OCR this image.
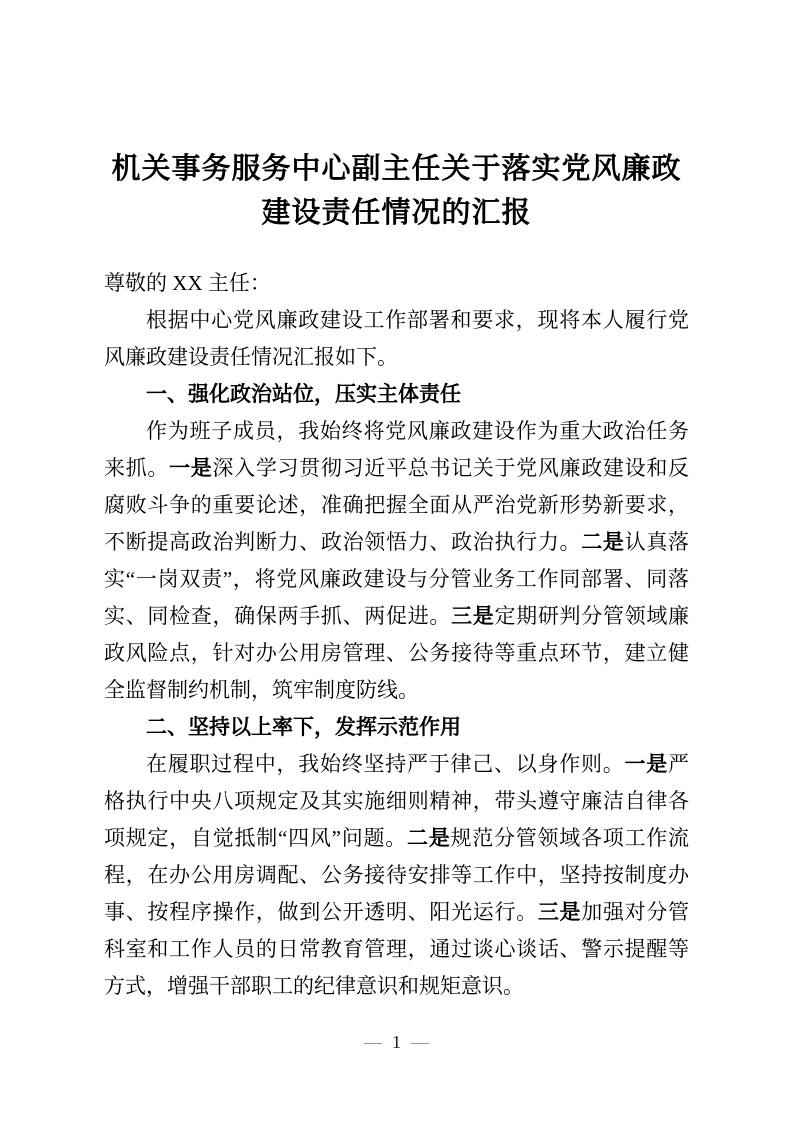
机关事务服务中心副主任关于落实党风廉政建设责任情况的汇报

尊敬的 XX 主任：

根据中心党风廉政建设工作部署和要求，现将本人履行党风廉政建设责任情况汇报如下。

一、强化政治站位，压实主体责任

作为班子成员，我始终将党风廉政建设作为重大政治任务来抓。一是深入学习贯彻习近平总书记关于党风廉政建设和反腐败斗争的重要论述，准确把握全面从严治党新形势新要求，不断提高政治判断力、政治领悟力、政治执行力。二是认真落实“一岗双责”，将党风廉政建设与分管业务工作同部署、同落实、同检查，确保两手抓、两促进。三是定期研判分管领域廉政风险点，针对办公用房管理、公务接待等重点环节，建立健全监督制约机制，筑牢制度防线。

二、坚持以上率下，发挥示范作用

在履职过程中，我始终坚持严于律己、以身作则。一是严格执行中央八项规定及其实施细则精神，带头遵守廉洁自律各项规定，自觉抵制“四风”问题。二是规范分管领域各项工作流程，在办公用房调配、公务接待安排等工作中，坚持按制度办事、按程序操作，做到公开透明、阳光运行。三是加强对分管科室和工作人员的日常教育管理，通过谈心谈话、警示提醒等方式，增强干部职工的纪律意识和规矩意识。

— 1 —
